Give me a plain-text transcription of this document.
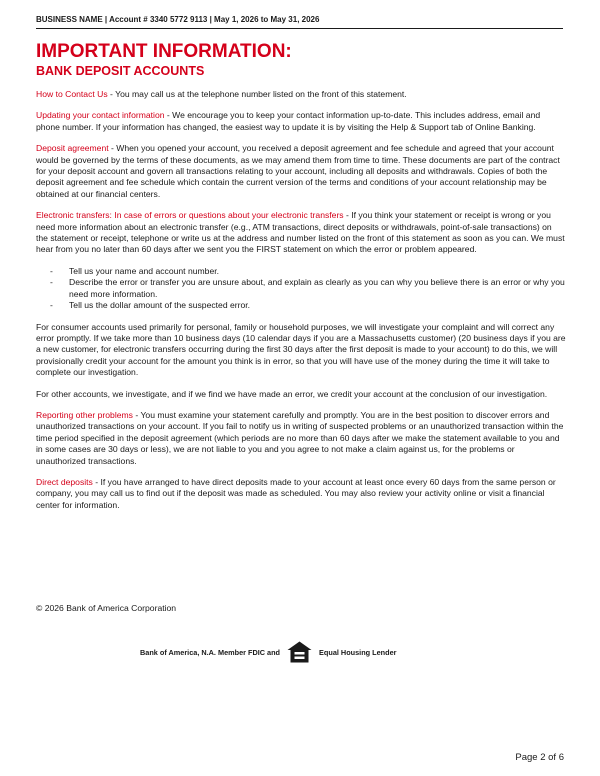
BUSINESS NAME | Account # 3340 5772 9113 | May 1, 2026 to May 31, 2026
IMPORTANT INFORMATION:
BANK DEPOSIT ACCOUNTS

How to Contact Us - You may call us at the telephone number listed on the front of this statement.

Updating your contact information - We encourage you to keep your contact information up-to-date. This includes address, email and phone number. If your information has changed, the easiest way to update it is by visiting the Help & Support tab of Online Banking.

Deposit agreement - When you opened your account, you received a deposit agreement and fee schedule and agreed that your account would be governed by the terms of these documents, as we may amend them from time to time. These documents are part of the contract for your deposit account and govern all transactions relating to your account, including all deposits and withdrawals. Copies of both the deposit agreement and fee schedule which contain the current version of the terms and conditions of your account relationship may be obtained at our financial centers.

Electronic transfers: In case of errors or questions about your electronic transfers - If you think your statement or receipt is wrong or you need more information about an electronic transfer (e.g., ATM transactions, direct deposits or withdrawals, point-of-sale transactions) on the statement or receipt, telephone or write us at the address and number listed on the front of this statement as soon as you can. We must hear from you no later than 60 days after we sent you the FIRST statement on which the error or problem appeared.

- Tell us your name and account number.
- Describe the error or transfer you are unsure about, and explain as clearly as you can why you believe there is an error or why you need more information.
- Tell us the dollar amount of the suspected error.

For consumer accounts used primarily for personal, family or household purposes, we will investigate your complaint and will correct any error promptly. If we take more than 10 business days (10 calendar days if you are a Massachusetts customer) (20 business days if you are a new customer, for electronic transfers occurring during the first 30 days after the first deposit is made to your account) to do this, we will provisionally credit your account for the amount you think is in error, so that you will have use of the money during the time it will take to complete our investigation.

For other accounts, we investigate, and if we find we have made an error, we credit your account at the conclusion of our investigation.

Reporting other problems - You must examine your statement carefully and promptly. You are in the best position to discover errors and unauthorized transactions on your account. If you fail to notify us in writing of suspected problems or an unauthorized transaction within the time period specified in the deposit agreement (which periods are no more than 60 days after we make the statement available to you and in some cases are 30 days or less), we are not liable to you and you agree to not make a claim against us, for the problems or unauthorized transactions.

Direct deposits - If you have arranged to have direct deposits made to your account at least once every 60 days from the same person or company, you may call us to find out if the deposit was made as scheduled. You may also review your activity online or visit a financial center for information.

© 2026 Bank of America Corporation
Bank of America, N.A. Member FDIC and	Equal Housing Lender
Page 2 of 6
